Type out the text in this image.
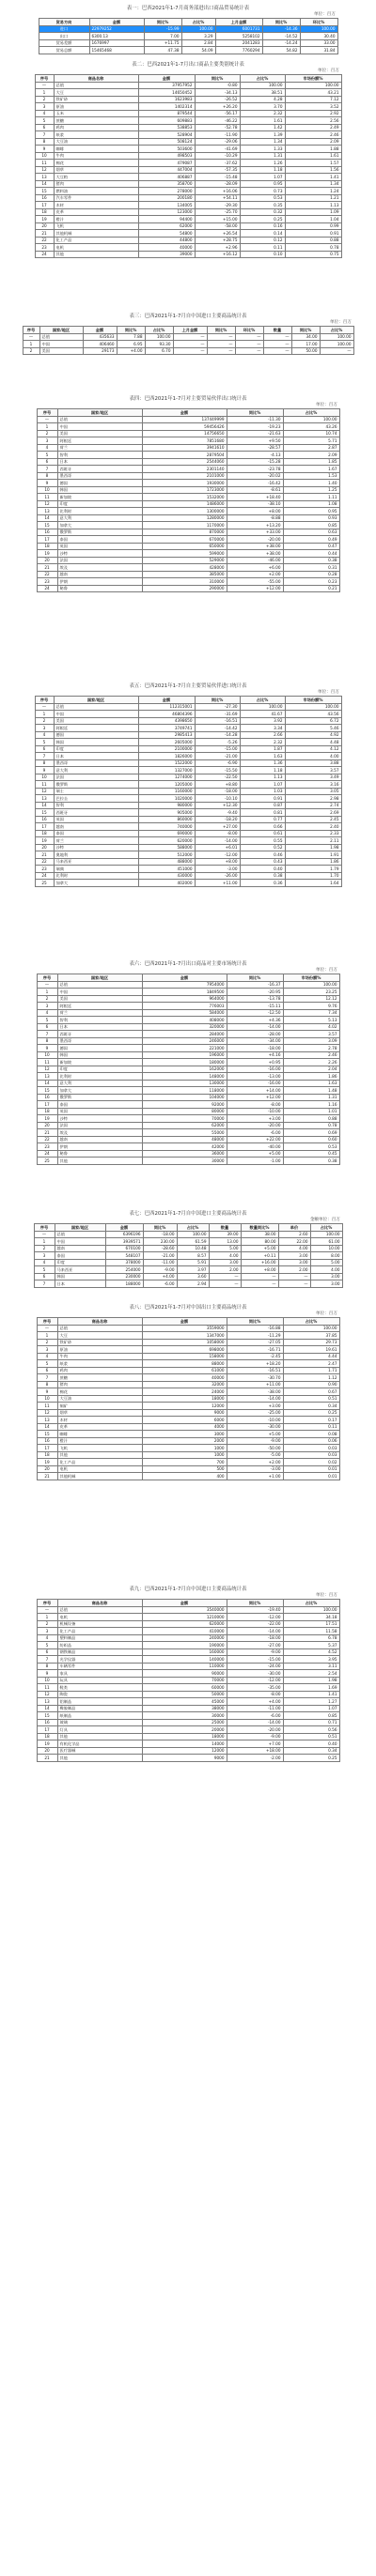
表一：巴西2021年1-7月商务部进出口商品贸易统计表
单位：百万
贸易方向	金额	同比%	占比%	上月金额	同比%	环比%
进口	22979252	-15.99	100.00	6001731	-14.36	100.00
出口	6300.13	7.00	3.29	5258102	-14.52	30.40
贸易差额	1676997	+11.75	2.84	2041283	-14.24	33.00
贸易总额	15465468	47.38	54.09	7760294	54.82	31.84
表二：巴西2021年1-7月出口商品主要类别统计表
单位：百万
序号	商品名称	金额	同比%	占比%	市场份额%
—	总值	37957952	-0.80	100.00	100.00
1	大豆	14650452	-34.13	38.51	43.21
2	铁矿砂	1623983	-26.52	4.28	7.12
3	原油	1402314	+26.20	3.70	3.52
4	玉米	879544	-56.17	2.32	2.92
5	蔗糖	609883	-46.22	1.61	2.56
6	鸡肉	538853	-52.78	1.42	2.49
7	纸浆	528904	-11.90	1.39	2.46
8	大豆油	508124	-29.06	1.34	2.09
9	咖啡	503600	-41.69	1.33	1.88
10	牛肉	498503	-10.29	1.31	1.61
11	棉花	479087	-37.62	1.26	1.57
12	烟草	447004	-57.35	1.18	1.56
13	大豆粕	406887	-15.48	1.07	1.41
14	猪肉	358700	-28.09	0.95	1.34
15	燃料油	278000	+16.06	0.73	1.24
16	汽车零件	200180	+54.11	0.53	1.21
17	木材	134005	-29.30	0.35	1.13
18	皮革	123000	-25.70	0.32	1.09
19	橙汁	94400	+15.00	0.25	1.04
20	飞机	62000	-58.00	0.16	0.99
21	其他机械	54800	+26.54	0.14	0.91
22	化工产品	44800	+28.75	0.12	0.88
23	电机	40000	+2.96	0.11	0.78
24	其他	39000	+16.12	0.10	0.75
表三：巴西2021年1-7月自中国进口主要商品统计表
单位：百万
序号	国家/地区	金额	同比%	占比%	上月金额	同比%	环比%	数量	同比%	占比%
—	总值	435633	7.88	100.00	—	—	—	—	34.00	100.00
1	中国	406460	6.95	93.30	—	—	—	—	17.00	100.00
2	美国	29173	+4.00	6.70	—	—	—	—	50.00	—
表四：巴西2021年1-7月对主要贸易伙伴出口统计表
单位：百万
序号	国家/地区	金额	同比%	占比%
—	总值	137449999	-11.30	100.00
1	中国	59456426	-19.23	43.26
2	美国	14756650	-21.63	10.74
3	阿根廷	7851680	+9.50	5.71
4	荷兰	3941610	-28.57	2.87
5	智利	2879504	-4.13	2.09
6	日本	2544060	-15.28	1.85
7	西班牙	2301140	-23.78	1.67
8	墨西哥	2101000	-20.02	1.53
9	德国	1930000	-16.42	1.40
10	韩国	1723000	-8.61	1.25
11	新加坡	1532000	+18.40	1.11
12	印度	1486000	-38.10	1.08
13	比利时	1300000	+8.00	0.95
14	意大利	1280000	-8.88	0.93
15	加拿大	1170000	+13.20	0.85
16	俄罗斯	870000	+33.00	0.63
17	泰国	670000	-20.00	0.49
18	英国	650000	+38.00	0.47
19	沙特	599000	+38.00	0.44
20	法国	529000	-46.00	0.38
21	埃及	428000	+6.00	0.31
22	越南	385000	+2.00	0.28
23	伊朗	310000	-55.00	0.23
24	秘鲁	290000	+12.00	0.21
表五：巴西2021年1-7月自主要贸易伙伴进口统计表
单位：百万
序号	国家/地区	金额	同比%	占比%	市场份额%
—	总值	112315001	-27.30	100.00	100.00
1	中国	46804396	-31.69	41.67	43.56
2	美国	4398650	-16.51	3.92	6.72
3	阿根廷	3749741	-14.42	3.34	5.46
4	德国	2985413	-14.28	2.66	4.92
5	韩国	2605000	-5.26	2.32	4.48
6	印度	2100000	-15.00	1.87	4.12
7	日本	1826000	-21.00	1.63	4.00
8	墨西哥	1522000	-6.90	1.36	3.88
9	意大利	1327000	-15.50	1.18	3.57
10	法国	1274000	-22.50	1.13	3.49
11	俄罗斯	1205000	+8.80	1.07	3.16
12	瑞士	1160000	-18.00	1.03	3.05
13	巴拉圭	1020000	-10.10	0.91	2.98
14	智利	980000	+12.30	0.87	2.74
15	西班牙	905000	-9.40	0.81	2.69
16	英国	860000	-18.20	0.77	2.45
17	越南	740000	+27.00	0.66	2.40
18	泰国	690000	-8.00	0.61	2.33
19	荷兰	620000	-14.00	0.55	2.11
20	沙特	588000	+6.01	0.52	1.98
21	奥地利	512000	-12.00	0.46	1.91
22	马来西亚	488000	+8.00	0.43	1.86
23	瑞典	451000	-3.00	0.40	1.79
24	比利时	430000	-26.00	0.38	1.70
25	加拿大	402000	+11.00	0.36	1.64
表六：巴西2021年1-7月出口商品对主要市场统计表
单位：百万
序号	国家/地区	金额	同比%	市场份额%
—	总值	7954000	-16.37	100.00
1	中国	1849500	-20.95	23.25
2	美国	964000	-13.78	12.12
3	阿根廷	776003	-15.11	9.76
4	荷兰	584000	-12.50	7.34
5	智利	408000	+4.36	5.13
6	日本	320000	-14.00	4.02
7	西班牙	284000	-28.00	3.57
8	墨西哥	246000	-34.00	3.09
9	德国	221000	-18.00	2.78
10	韩国	196000	+4.16	2.46
11	新加坡	180000	+0.95	2.26
12	印度	162000	-16.00	2.04
13	比利时	148000	-13.00	1.86
14	意大利	130000	-16.00	1.63
15	加拿大	118000	+14.00	1.48
16	俄罗斯	104000	+12.00	1.31
17	泰国	92000	-8.00	1.16
18	英国	80000	-10.00	1.01
19	沙特	70000	+3.00	0.88
20	法国	62000	-20.00	0.78
21	埃及	55000	-6.00	0.69
22	越南	48000	+22.00	0.60
23	伊朗	42000	-40.00	0.53
24	秘鲁	36000	+5.00	0.45
25	其他	30000	-1.00	0.38
表七：巴西2021年1-7月自中国进口主要商品统计表
金额单位：百万
序号	国家/地区	金额	同比%	占比%	数量	数量同比%	单价	占比%
—	总值	6396196	-18.00	100.00	39.00	38.00	2.60	100.00
1	中国	3939571	230.00	61.59	13.00	80.00	22.00	61.00
2	越南	670100	-28.60	10.48	5.00	+5.00	4.00	10.00
3	泰国	548107	-21.00	8.57	4.00	+0.11	3.00	8.00
4	印度	378000	-11.00	5.91	3.00	+16.00	3.00	5.00
5	马来西亚	254000	-9.00	3.97	2.00	+8.00	2.00	4.00
6	韩国	230000	+4.00	3.60	—	—	—	3.00
7	日本	188000	-6.00	2.94	—	—	—	3.00
表八：巴西2021年1-7月对中国出口主要商品统计表
单位：百万
序号	商品名称	金额	同比%	占比%
—	总值	3559000	-16.88	100.00
1	大豆	1347000	-11.29	37.85
2	铁矿砂	1058000	-27.05	29.73
3	原油	698000	-16.71	19.61
4	牛肉	158000	-2.45	4.44
5	纸浆	88000	+18.20	2.47
6	鸡肉	61000	-16.51	1.71
7	蔗糖	40000	-30.70	1.12
8	猪肉	32000	+11.00	0.90
9	棉花	24000	-38.00	0.67
10	大豆油	18000	-14.00	0.51
11	铜矿	12000	+3.00	0.34
12	烟草	9000	-25.00	0.25
13	木材	6000	-10.00	0.17
14	皮革	4000	-30.00	0.11
15	咖啡	3000	+5.00	0.08
16	橙汁	2000	-9.00	0.06
17	飞机	1000	-50.00	0.03
18	其他	1000	-5.00	0.03
19	化工产品	700	+2.00	0.02
20	电机	500	-3.00	0.01
21	其他机械	400	+1.00	0.01
表九：巴西2021年1-7月自中国进口主要商品统计表
单位：百万
序号	商品名称	金额	同比%	占比%
—	总值	3540000	-19.40	100.00
1	电机	1210000	-12.00	34.18
2	机械设备	620000	-22.00	17.51
3	化工产品	410000	-14.00	11.58
4	塑料制品	240000	-18.00	6.78
5	纺织品	190000	-27.00	5.37
6	钢铁制品	160000	-9.00	4.52
7	光学仪器	140000	-15.00	3.95
8	车辆零件	110000	-24.00	3.11
9	家具	90000	-30.00	2.54
10	玩具	70000	-12.00	1.98
11	鞋类	60000	-35.00	1.69
12	陶瓷	50000	-8.00	1.41
13	铝制品	45000	+4.00	1.27
14	橡胶制品	38000	-11.00	1.07
15	纸制品	30000	-6.00	0.85
16	玻璃	25000	-14.00	0.71
17	灯具	20000	-20.00	0.56
18	其他	18000	-9.00	0.51
19	有机化学品	14000	+7.00	0.40
20	医疗器械	12000	+18.00	0.34
21	其他	9000	-2.00	0.25
